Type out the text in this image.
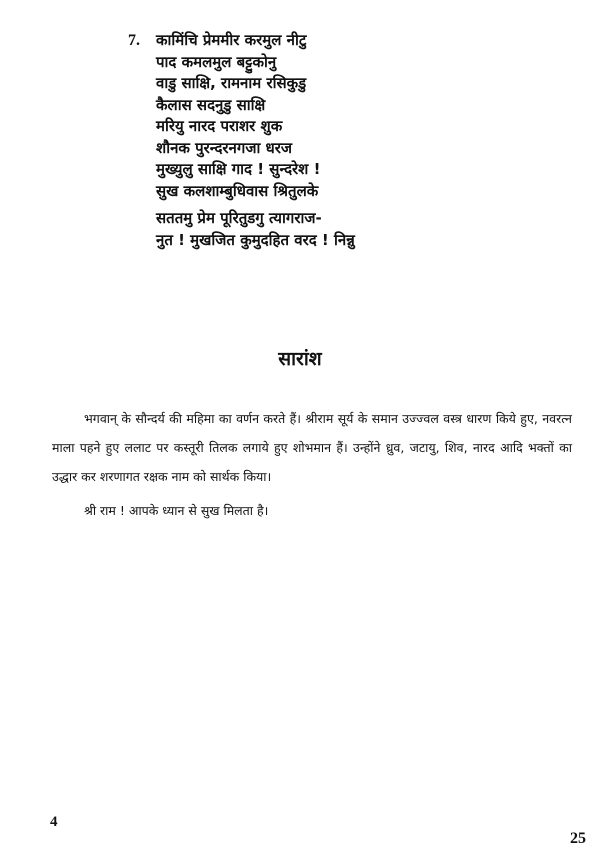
7. कामिंचि प्रेममीर करमुल नीटु
पाद कमलमुल बट्टुकोनु
वाडु साक्षि, रामनाम रसिकुडु
कैलास सदनुडु साक्षि
मरियु नारद पराशर शुक
शौनक पुरन्दरनगजा धरज
मुख्युलु साक्षि गाद ! सुन्दरेश !
सुख कलशाम्बुधिवास श्रितुलके
सततमु प्रेम पूरितुडगु त्यागराज-
नुत ! मुखजित कुमुदहित वरद ! निन्नु
सारांश

भगवान् के सौन्दर्य की महिमा का वर्णन करते हैं। श्रीराम सूर्य के समान उज्ज्वल वस्त्र धारण किये हुए, नवरत्न माला पहने हुए ललाट पर कस्तूरी तिलक लगाये हुए शोभमान हैं। उन्होंने ध्रुव, जटायु, शिव, नारद आदि भक्तों का उद्धार कर शरणागत रक्षक नाम को सार्थक किया।

श्री राम ! आपके ध्यान से सुख मिलता है।

4
25
